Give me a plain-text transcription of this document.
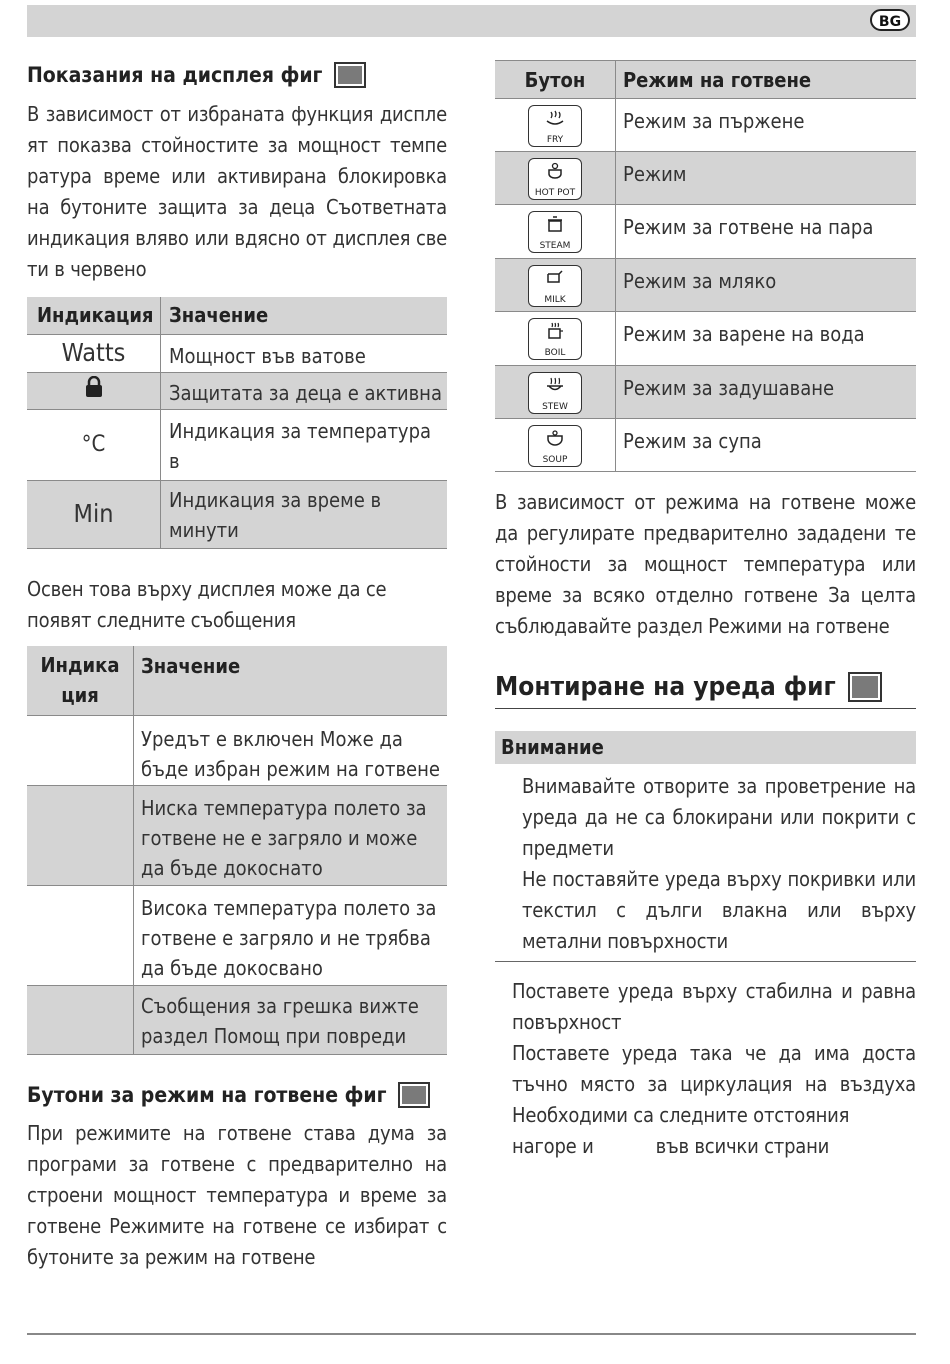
BG
Показания на дисплея фиг

В зависимост от избраната функция диспле ят показва стойностите за мощност темпе ратура време или активирана блокировка на бутоните защита за деца Съответната индикация вляво или вдясно от дисплея све ти в червено

Индикация	Значение
Watts	Мощност във ватове
	Защитата за деца е активна
°C	Индикация за температура в
Min	Индикация за време в минути

Освен това върху дисплея може да се появят следните съобщения

Индика ция	Значение
	Уредът е включен Може да бъде избран режим на готвене
	Ниска температура полето за готвене не е загряло и може да бъде докоснато
	Висока температура полето за готвене е загряло и не трябва да бъде докосвано
	Съобщения за грешка вижте раздел Помощ при повреди
Бутони за режим на готвене фиг

При режимите на готвене става дума за програми за готвене с предварително на строени мощност температура и време за готвене Режимите на готвене се избират с бутоните за режим на готвене

Бутон	Режим на готвене

FRY	Режим за пържене

HOT POT	Режим

STEAM	Режим за готвене на пара

MILK	Режим за мляко

BOIL	Режим за варене на вода

STEW	Режим за задушаване

SOUP	Режим за супа

В зависимост от режима на готвене може да регулирате предварително зададени те стойности за мощност температура или време за всяко отделно готвене За целта съблюдавайте раздел Режими на готвене

Монтиране на уреда фиг
Внимание

Внимавайте отворите за проветрение на уреда да не са блокирани или покрити с предмети

Не поставяйте уреда върху покривки или текстил с дълги влакна или върху метални повърхности

Поставете уреда върху стабилна и равна повърхност

Поставете уреда така че да има доста тъчно място за циркулация на въздуха Необходими са следните отстояния

нагоре и	във всички страни
